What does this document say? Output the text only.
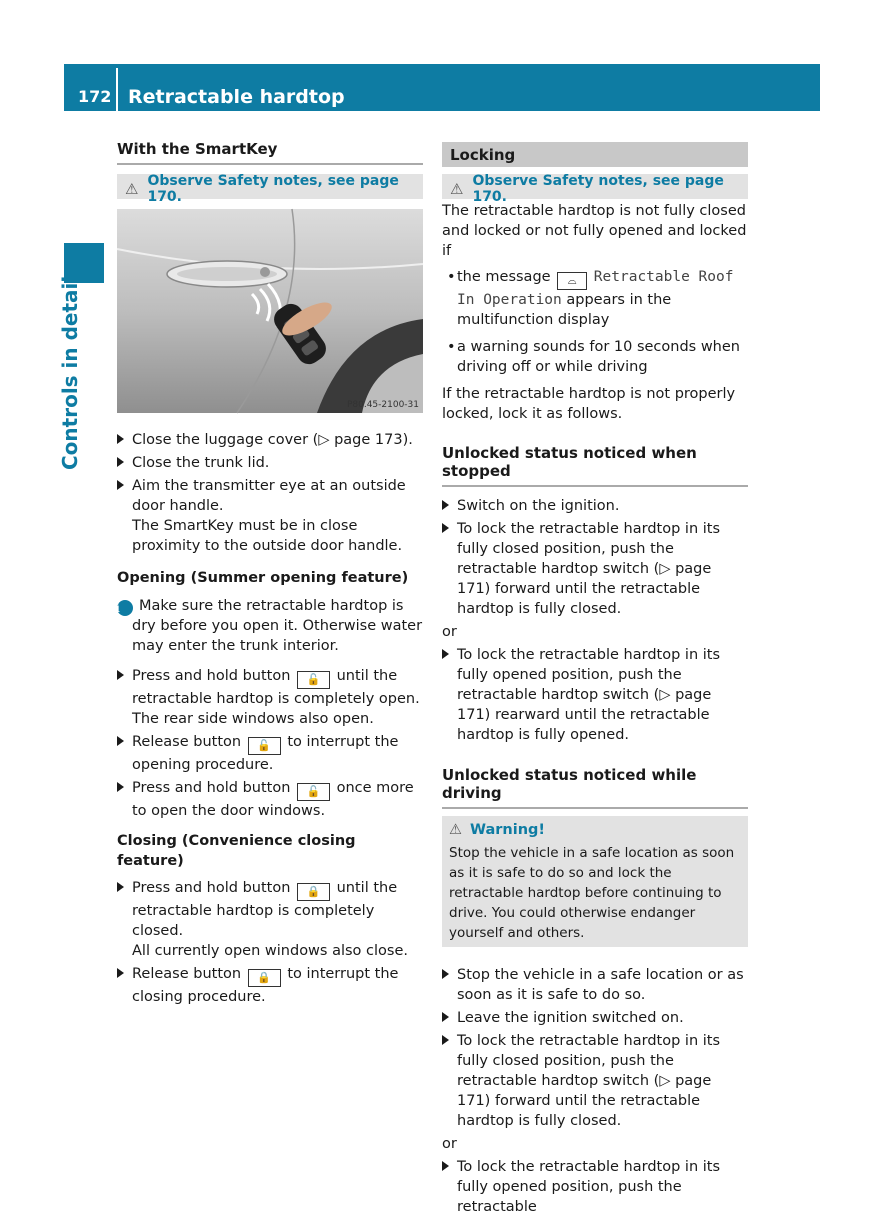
172 Retractable hardtop
Controls in detail
With the SmartKey
⚠ Observe Safety notes, see page 170.
P80.45-2100-31
Close the luggage cover (▷ page 173).
Close the trunk lid.
Aim the transmitter eye at an outside door handle.
The SmartKey must be in close proximity to the outside door handle.
Opening (Summer opening feature)
i Make sure the retractable hardtop is dry before you open it. Otherwise water may enter the trunk interior.
Press and hold button 🔓 until the retractable hardtop is completely open.
The rear side windows also open.
Release button 🔓 to interrupt the opening procedure.
Press and hold button 🔓 once more to open the door windows.
Closing (Convenience closing feature)
Press and hold button 🔒 until the retractable hardtop is completely closed.
All currently open windows also close.
Release button 🔒 to interrupt the closing procedure.
Locking
⚠ Observe Safety notes, see page 170.
The retractable hardtop is not fully closed and locked or not fully opened and locked if
• the message ⌓ Retractable Roof In Operation appears in the multifunction display
• a warning sounds for 10 seconds when driving off or while driving
If the retractable hardtop is not properly locked, lock it as follows.
Unlocked status noticed when stopped
Switch on the ignition.
To lock the retractable hardtop in its fully closed position, push the retractable hardtop switch (▷ page 171) forward until the retractable hardtop is fully closed.
or
To lock the retractable hardtop in its fully opened position, push the retractable hardtop switch (▷ page 171) rearward until the retractable hardtop is fully opened.
Unlocked status noticed while driving
⚠ Warning!
Stop the vehicle in a safe location as soon as it is safe to do so and lock the retractable hardtop before continuing to drive. You could otherwise endanger yourself and others.
Stop the vehicle in a safe location or as soon as it is safe to do so.
Leave the ignition switched on.
To lock the retractable hardtop in its fully closed position, push the retractable hardtop switch (▷ page 171) forward until the retractable hardtop is fully closed.
or
To lock the retractable hardtop in its fully opened position, push the retractable
